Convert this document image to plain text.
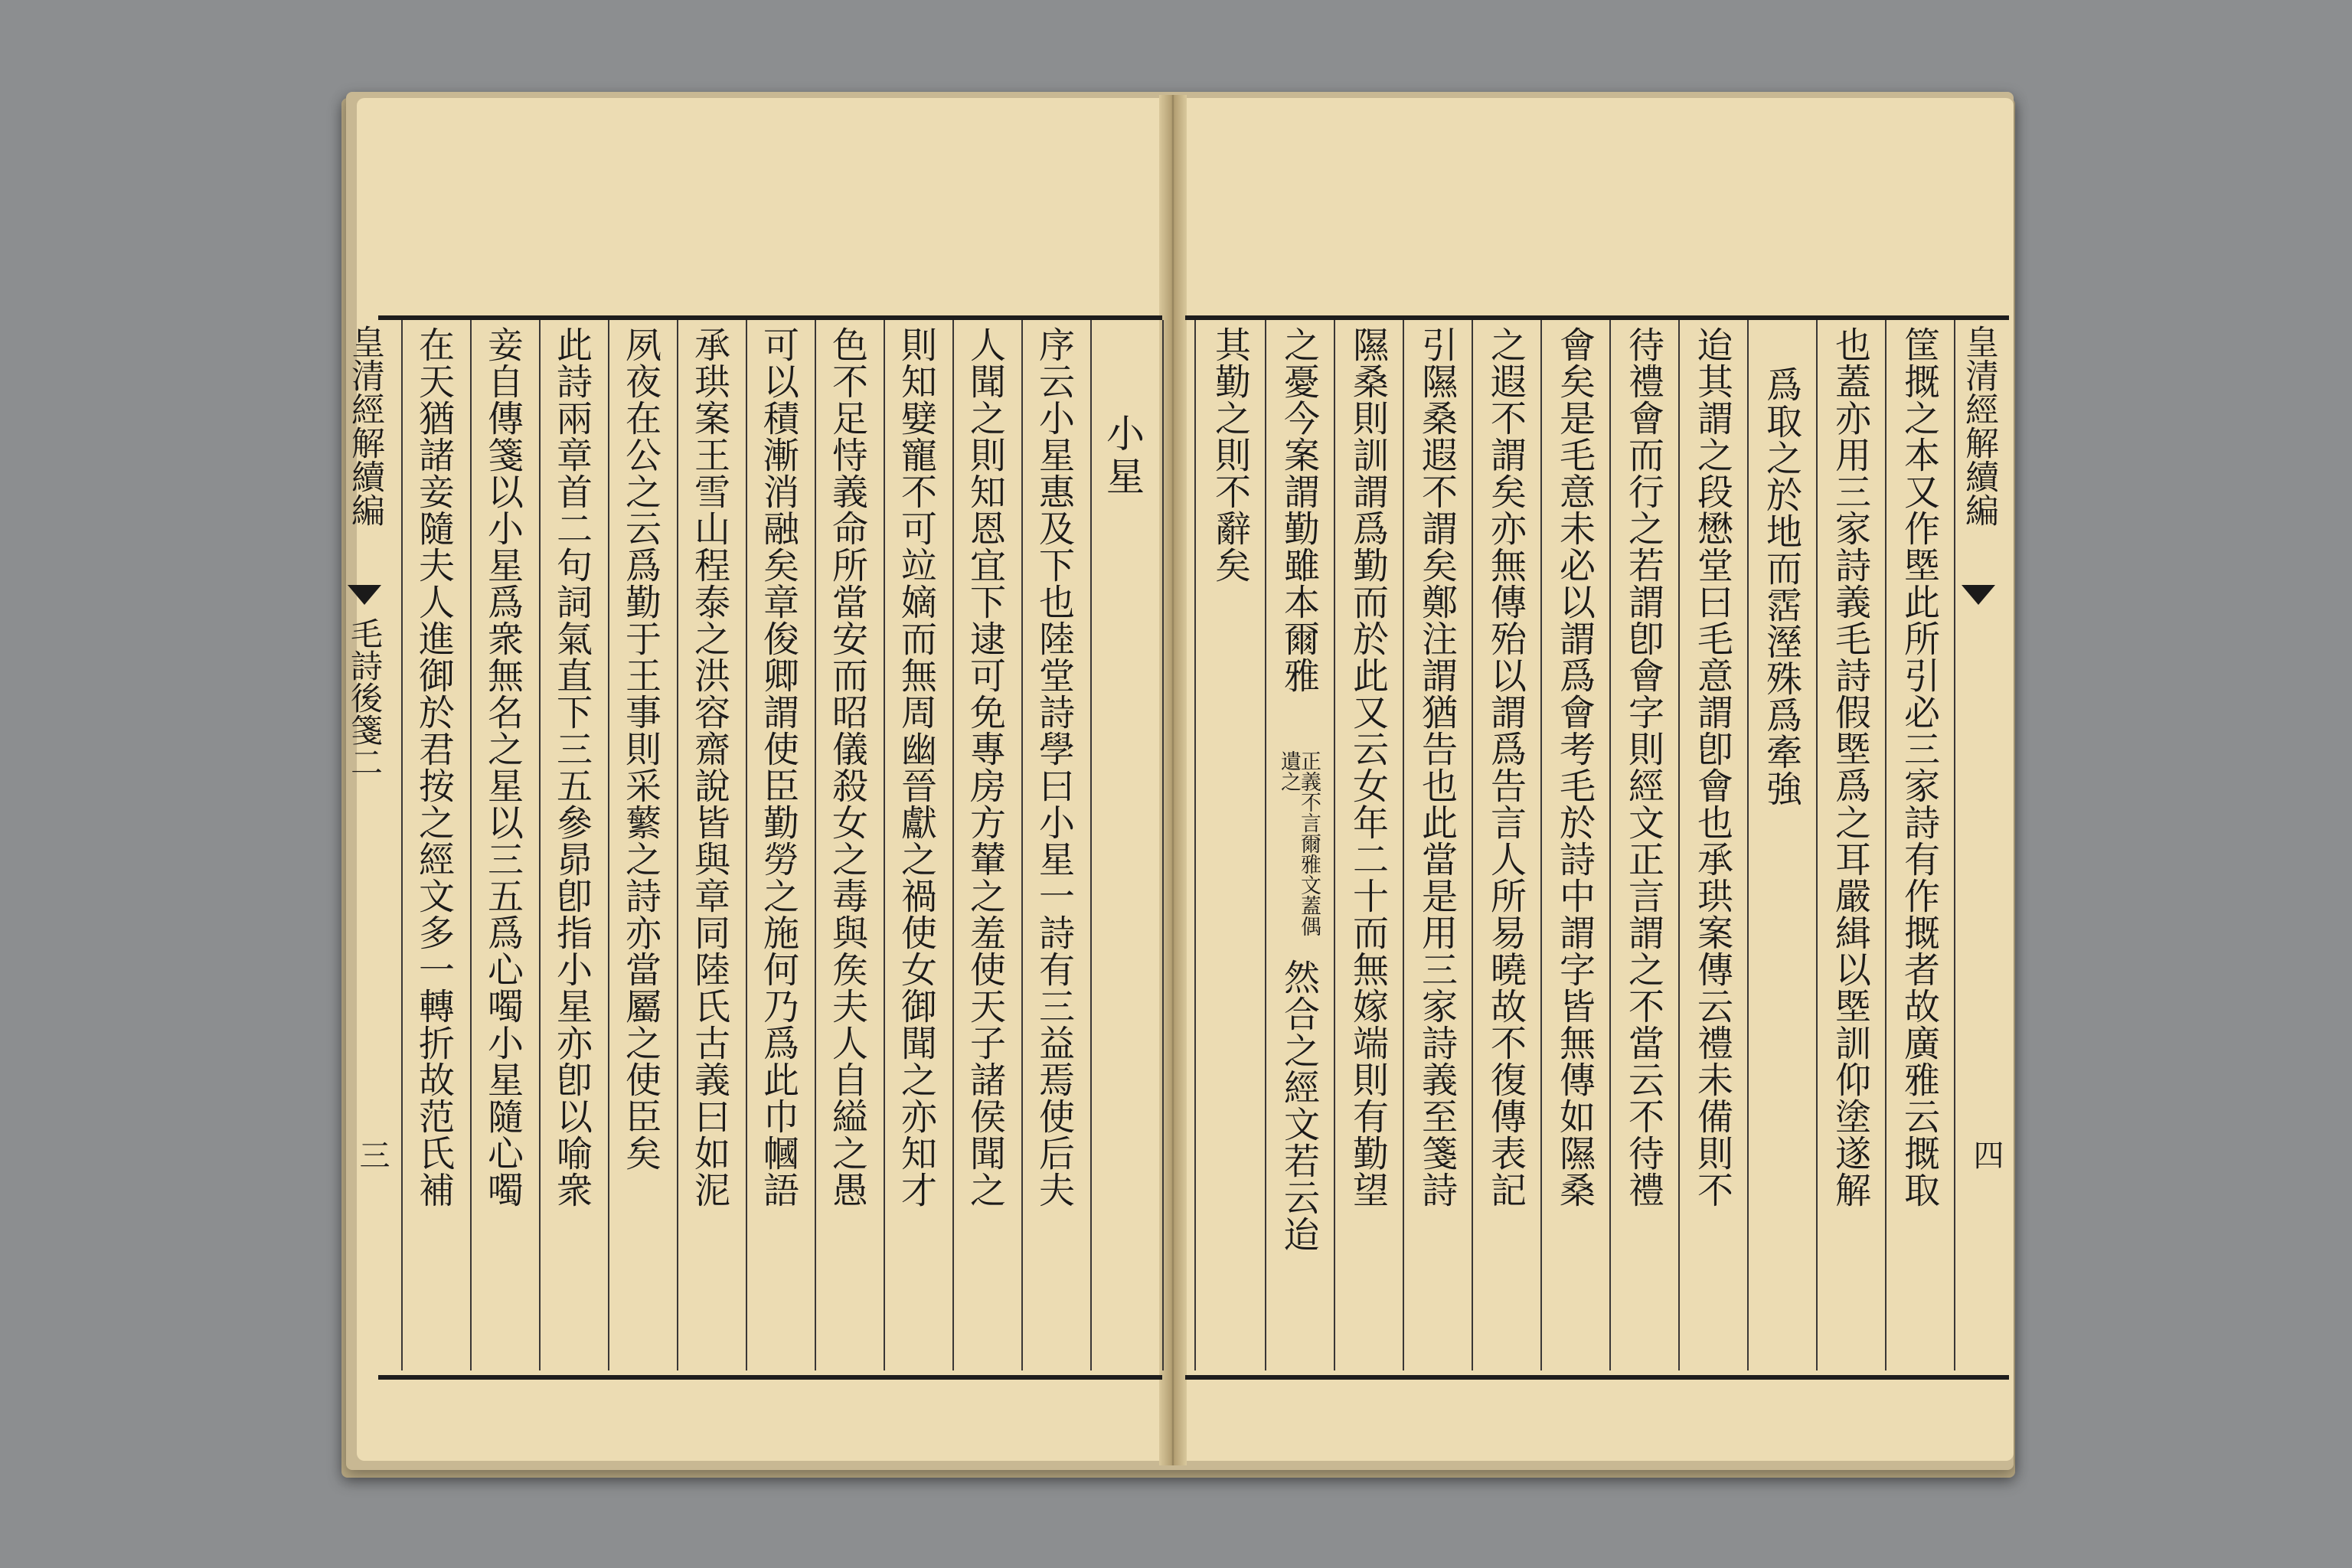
皇清經解續編
毛詩後箋二
三
小星
序云小星惠及下也陸堂詩學曰小星一詩有三益焉使后夫
人聞之則知恩宜下逮可免專房方輦之羞使天子諸侯聞之
則知嬖寵不可竝嫡而無周幽晉獻之禍使女御聞之亦知才
色不足恃義命所當安而昭儀殺女之毒與矦夫人自縊之愚
可以積漸消融矣章俊卿謂使臣勤勞之施何乃爲此巾幗語
承珙案王雪山程泰之洪容齋說皆與章同陸氏古義曰如泥
夙夜在公之云爲勤于王事則采蘩之詩亦當屬之使臣矣
此詩兩章首二句詞氣直下三五參昴卽指小星亦卽以喻衆
妾自傳箋以小星爲衆無名之星以三五爲心噣小星隨心噣
在天猶諸妾隨夫人進御於君按之經文多一轉折故范氏補	皇清經解續編
四
筐摡之本又作塈此所引必三家詩有作摡者故廣雅云摡取
也蓋亦用三家詩義毛詩假塈爲之耳嚴緝以塈訓仰塗遂解
爲取之於地而霑溼殊爲牽強
迨其謂之段懋堂曰毛意謂卽會也承珙案傳云禮未備則不
待禮會而行之若謂卽會字則經文正言謂之不當云不待禮
會矣是毛意未必以謂爲會考毛於詩中謂字皆無傳如隰桑
之遐不謂矣亦無傳殆以謂爲告言人所易曉故不復傳表記
引隰桑遐不謂矣鄭注謂猶告也此當是用三家詩義至箋詩
隰桑則訓謂爲勤而於此又云女年二十而無嫁端則有勤望
之憂今案謂勤雖本爾雅
正義不言爾雅文蓋偶遺之
然合之經文若云迨
其勤之則不辭矣
